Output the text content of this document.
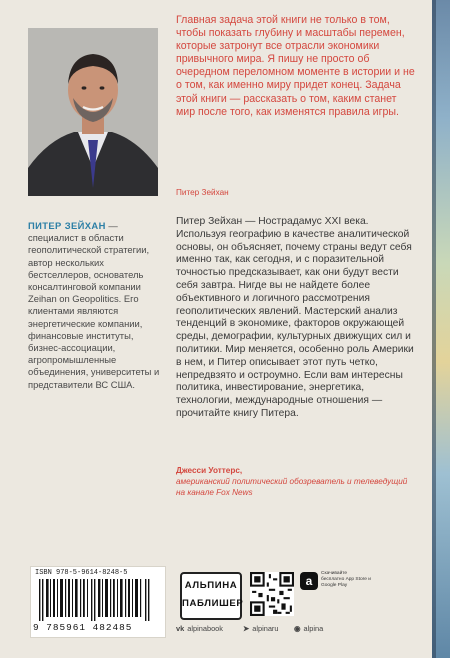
Главная задача этой книги не только в том, чтобы показать глубину и масштабы перемен, которые затронут все отрасли экономики привычного мира. Я пишу не просто об очередном переломном моменте в истории и не о том, как именно миру придет конец. Задача этой книги — рассказать о том, каким станет мир после того, как изменятся правила игры.

Питер Зейхан

ПИТЕР ЗЕЙХАН — специалист в области геополитической стратегии, автор нескольких бестселлеров, основатель консалтинговой компании Zeihan on Geopolitics. Его клиентами являются энергетические компании, финансовые институты, бизнес-ассоциации, агропромышленные объединения, университеты и представители ВС США.

Питер Зейхан — Нострадамус XXI века. Используя географию в качестве аналитической основы, он объясняет, почему страны ведут себя именно так, как сегодня, и с поразительной точностью предсказывает, как они будут вести себя завтра. Нигде вы не найдете более объективного и логичного рассмотрения геополитических явлений. Мастерский анализ тенденций в экономике, факторов окружающей среды, демографии, культурных движущих сил и политики. Мир меняется, особенно роль Америки в нем, и Питер описывает этот путь четко, непредвзято и остроумно. Если вам интересны политика, инвестирование, энергетика, технологии, международные отношения — прочитайте книгу Питера.

Джесси Уоттерс,

американский политический обозреватель и телеведущий на канале Fox News

ISBN 978-5-9614-8248-5
9 785961 482485
АЛЬПИНА
ПАБЛИШЕР
a
Скачивайте бесплатно App Store и Google Play
vk alpinabook	➤ alpinaru ◉ alpina
